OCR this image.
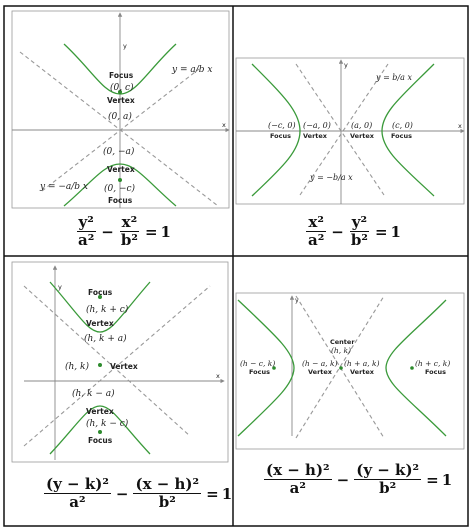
x
y
Focus
(0, c)
Vertex
(0, a)
(0, −a)
Vertex
(0, −c)
Focus
y = a/b x
y = −a/b x
x
y
(−c, 0)
Focus
(−a, 0)
Vertex
(a, 0)
Vertex
(c, 0)
Focus
y = b/a x
y = −b/a x
x
y
Focus
(h, k + c)
Vertex
(h, k + a)
(h, k)	Vertex
(h, k − a)
Vertex
(h, k − c)
Focus
y
Center
(h, k)
(h − c, k)
Focus
(h − a, k)
Vertex
(h + a, k)
Vertex
(h + c, k)
Focus
$\frac{\text{y²}}{\text{a²}} - \frac{\text{x²}}{\text{b²}} = 1$	$\frac{\text{x²}}{\text{a²}} - \frac{\text{y²}}{\text{b²}} = 1$
$\frac{\text{(y − k)²}}{\text{a²}} - \frac{\text{(x − h)²}}{\text{b²}} = 1 \frac{\text{(x − h)²}}{\text{a²}} - \frac{\text{(y − k)²}}{\text{b²}} = 1$
